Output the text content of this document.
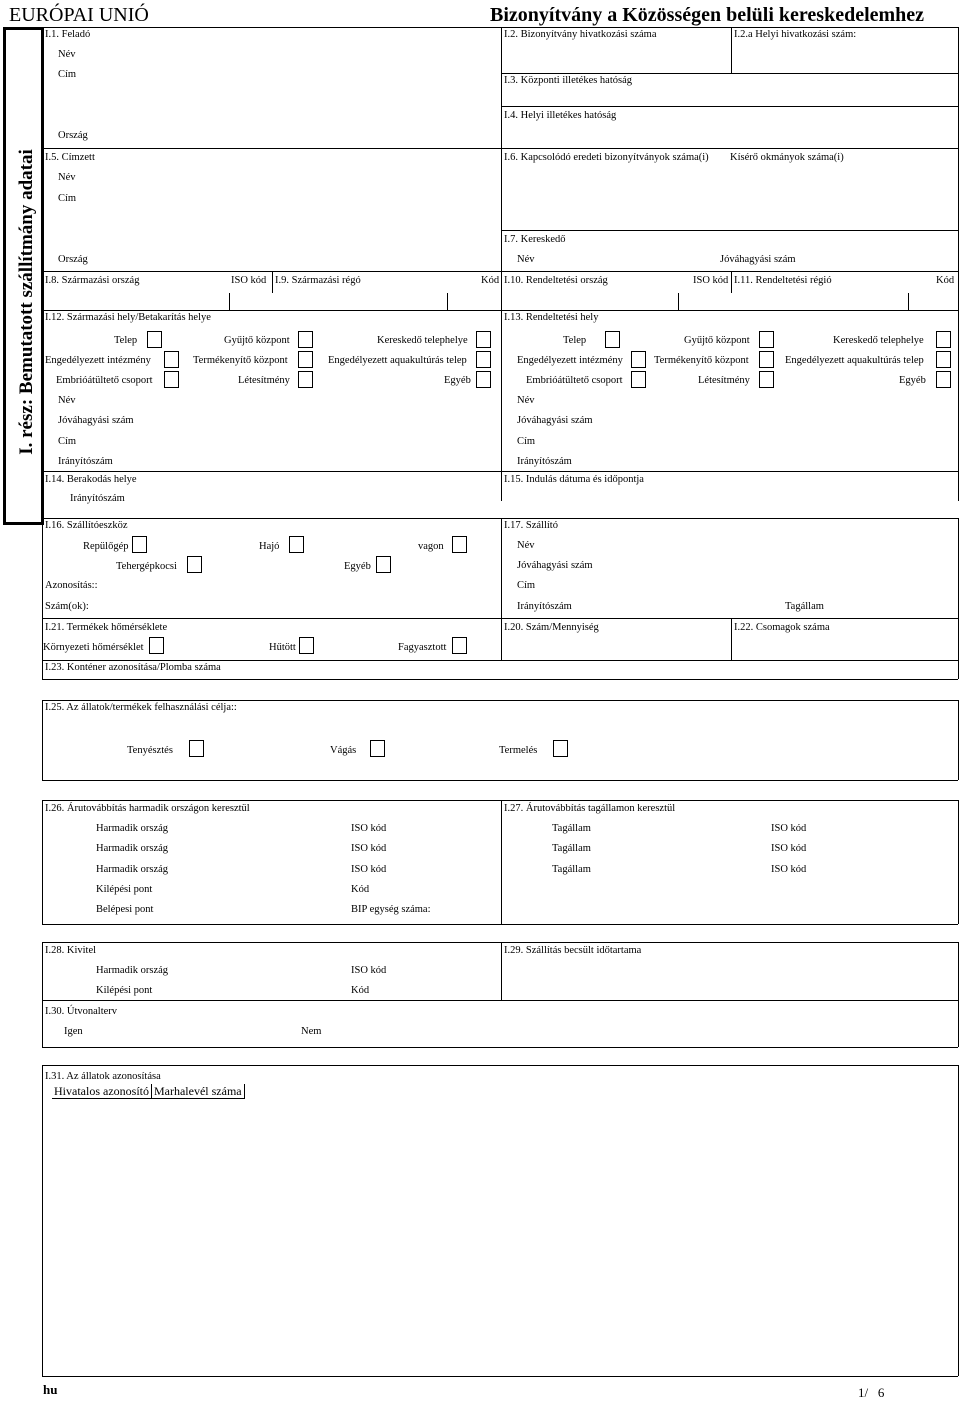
EURÓPAI UNIÓ	Bizonyítvány a Közösségen belüli kereskedelemhez
I. rész: Bemutatott szállítmány adatai
I.1. Feladó
Név
Cím
Ország
I.2. Bizonyítvány hivatkozási száma	I.2.a Helyi hivatkozási szám:
I.3. Központi illetékes hatóság
I.4. Helyi illetékes hatóság
I.5. Címzett
Név
Cím
Ország
I.6. Kapcsolódó eredeti bizonyítványok száma(i) Kísérő okmányok száma(i)
I.7. Kereskedő
Név	Jóváhagyási szám
I.8. Származási ország	ISO kód I.9. Származási régó	Kód I.10. Rendeltetési ország	ISO kód I.11. Rendeltetési régió	Kód
I.12. Származási hely/Betakarítás helye
Telep	Gyűjtő központ	Kereskedő telephelye
Engedélyezett intézmény	Termékenyítő központ	Engedélyezett aquakultúrás telep
Embrióátültető csoport	Létesítmény	Egyéb
Név
Jóváhagyási szám
Cím
Irányítószám
I.13. Rendeltetési hely
Telep	Gyűjtő központ	Kereskedő telephelye
Engedélyezett intézmény	Termékenyítő központ	Engedélyezett aquakultúrás telep
Embrióátültető csoport	Létesítmény	Egyéb
Név
Jóváhagyási szám
Cím
Irányítószám
I.14. Berakodás helye
Irányítószám
I.15. Indulás dátuma és időpontja
I.16. Szállítóeszköz
Repülőgép	Hajó	vagon
Tehergépkocsi	Egyéb
Azonosítás::
Szám(ok):
I.17. Szállító
Név
Jóváhagyási szám
Cím
Irányítószám	Tagállam
I.21. Termékek hőmérséklete
Környezeti hőmérséklet	Hűtött	Fagyasztott
I.20. Szám/Mennyiség	I.22. Csomagok száma
I.23. Konténer azonosítása/Plomba száma
I.25. Az állatok/termékek felhasználási célja::
Tenyésztés	Vágás	Termelés
I.26. Árutovábbítás harmadik országon keresztül
Harmadik ország	ISO kód
Harmadik ország	ISO kód
Harmadik ország	ISO kód
Kilépési pont	Kód
Belépesi pont	BIP egység száma:
I.27. Árutovábbítás tagállamon keresztül
Tagállam	ISO kód
Tagállam	ISO kód
Tagállam	ISO kód
I.28. Kivitel
Harmadik ország	ISO kód
Kilépési pont	Kód
I.29. Szállítás becsült időtartama
I.30. Útvonalterv
Igen	Nem
I.31. Az állatok azonosítása
Hivatalos azonosító	Marhalevél száma
hu	1/   6
